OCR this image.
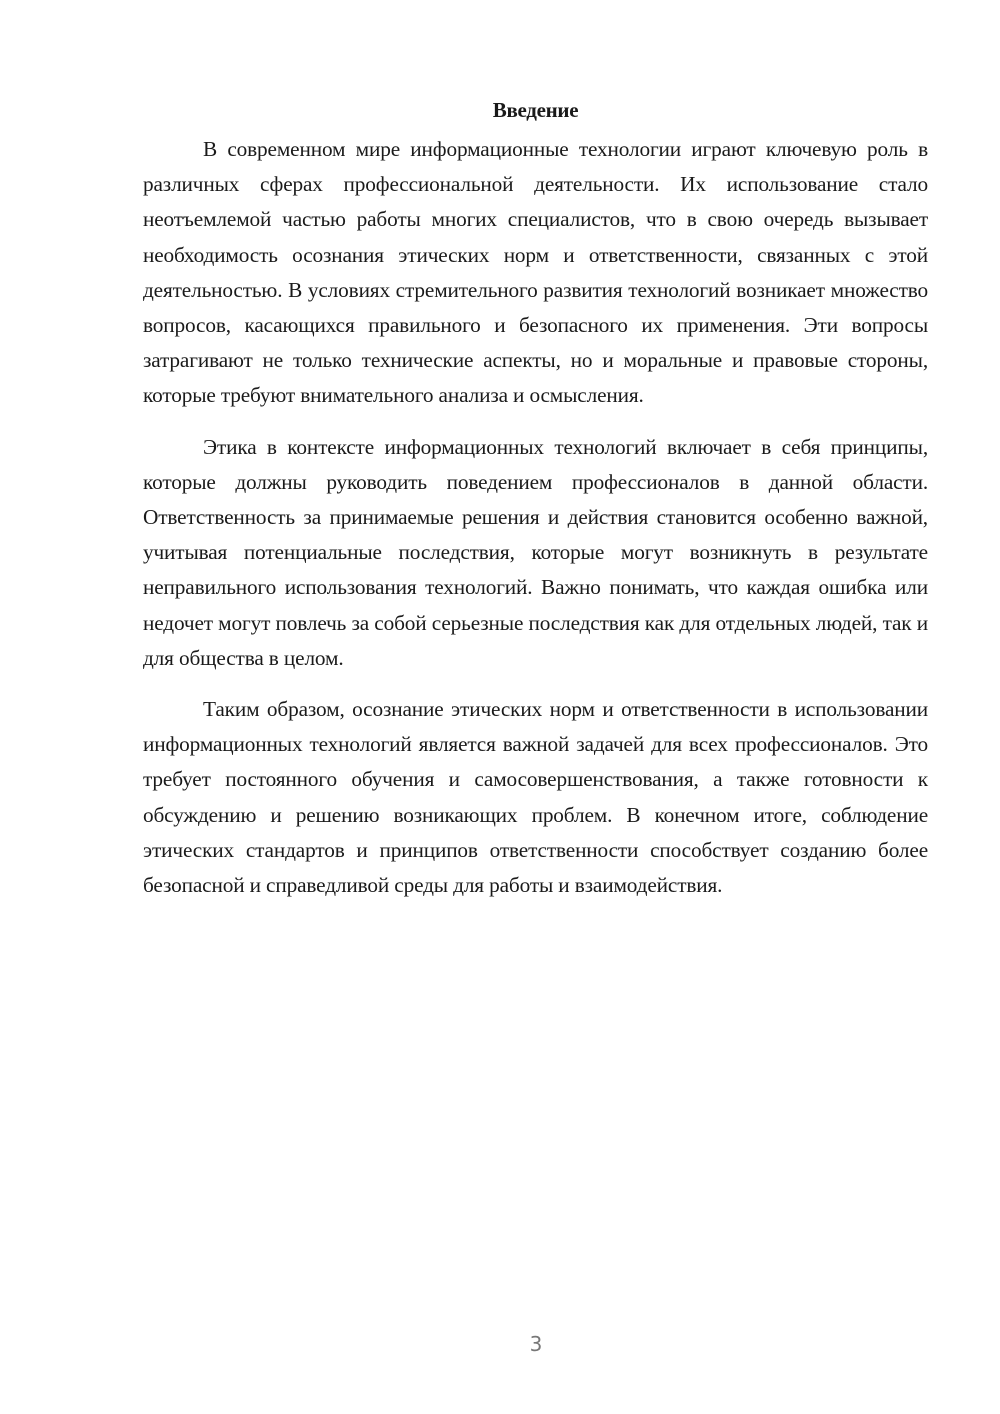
Введение

В современном мире информационные технологии играют ключевую роль в различных сферах профессиональной деятельности. Их использование стало неотъемлемой частью работы многих специалистов, что в свою очередь вызывает необходимость осознания этических норм и ответственности, связанных с этой деятельностью. В условиях стремительного развития технологий возникает множество вопросов, касающихся правильного и безопасного их применения. Эти вопросы затрагивают не только технические аспекты, но и моральные и правовые стороны, которые требуют внимательного анализа и осмысления.

Этика в контексте информационных технологий включает в себя принципы, которые должны руководить поведением профессионалов в данной области. Ответственность за принимаемые решения и действия становится особенно важной, учитывая потенциальные последствия, которые могут возникнуть в результате неправильного использования технологий. Важно понимать, что каждая ошибка или недочет могут повлечь за собой серьезные последствия как для отдельных людей, так и для общества в целом.

Таким образом, осознание этических норм и ответственности в использовании информационных технологий является важной задачей для всех профессионалов. Это требует постоянного обучения и самосовершенствования, а также готовности к обсуждению и решению возникающих проблем. В конечном итоге, соблюдение этических стандартов и принципов ответственности способствует созданию более безопасной и справедливой среды для работы и взаимодействия.

3
